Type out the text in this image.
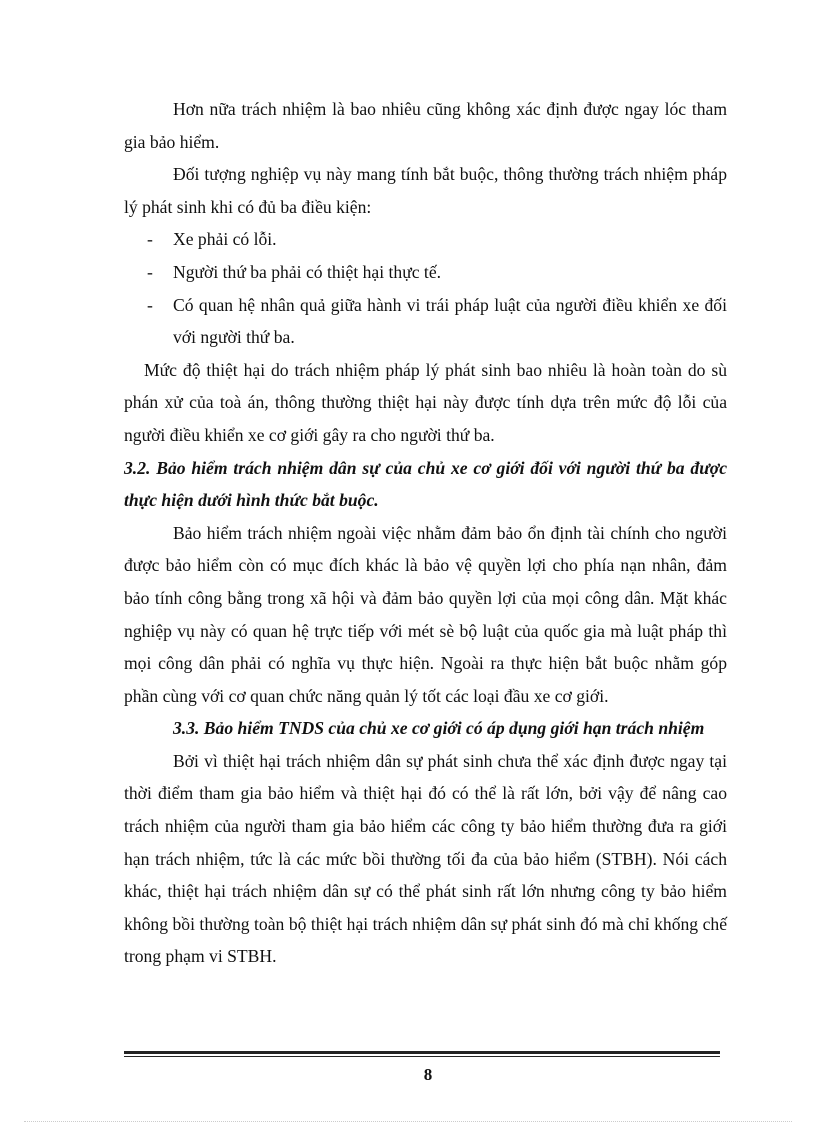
Hơn nữa trách nhiệm là bao nhiêu cũng không xác định được ngay lóc tham gia bảo hiểm.

Đối tượng nghiệp vụ này mang tính bắt buộc, thông thường trách nhiệm pháp lý phát sinh khi có đủ ba điều kiện:

- Xe phải có lỗi.

- Người thứ ba phải có thiệt hại thực tế.

- Có quan hệ nhân quả giữa hành vi trái pháp luật của người điều khiển xe đối với người thứ ba.

Mức độ thiệt hại do trách nhiệm pháp lý phát sinh bao nhiêu là hoàn toàn do sù phán xử của toà án, thông thường thiệt hại này được tính dựa trên mức độ lỗi của người điều khiển xe cơ giới gây ra cho người thứ ba.

3.2. Bảo hiểm trách nhiệm dân sự của chủ xe cơ giới đối với người thứ ba được thực hiện dưới hình thức bắt buộc.

Bảo hiểm trách nhiệm ngoài việc nhằm đảm bảo ổn định tài chính cho người được bảo hiểm còn có mục đích khác là bảo vệ quyền lợi cho phía nạn nhân, đảm bảo tính công bằng trong xã hội và đảm bảo quyền lợi của mọi công dân. Mặt khác nghiệp vụ này có quan hệ trực tiếp với mét sè bộ luật của quốc gia mà luật pháp thì mọi công dân phải có nghĩa vụ thực hiện. Ngoài ra thực hiện bắt buộc nhằm góp phần cùng với cơ quan chức năng quản lý tốt các loại đầu xe cơ giới.

3.3. Bảo hiểm TNDS của chủ xe cơ giới có áp dụng giới hạn trách nhiệm

Bởi vì thiệt hại trách nhiệm dân sự phát sinh chưa thể xác định được ngay tại thời điểm tham gia bảo hiểm và thiệt hại đó có thể là rất lớn, bởi vậy để nâng cao trách nhiệm của người tham gia bảo hiểm các công ty bảo hiểm thường đưa ra giới hạn trách nhiệm, tức là các mức bồi thường tối đa của bảo hiểm (STBH). Nói cách khác, thiệt hại trách nhiệm dân sự có thể phát sinh rất lớn nhưng công ty bảo hiểm không bồi thường toàn bộ thiệt hại trách nhiệm dân sự phát sinh đó mà chỉ khống chế trong phạm vi STBH.

8
